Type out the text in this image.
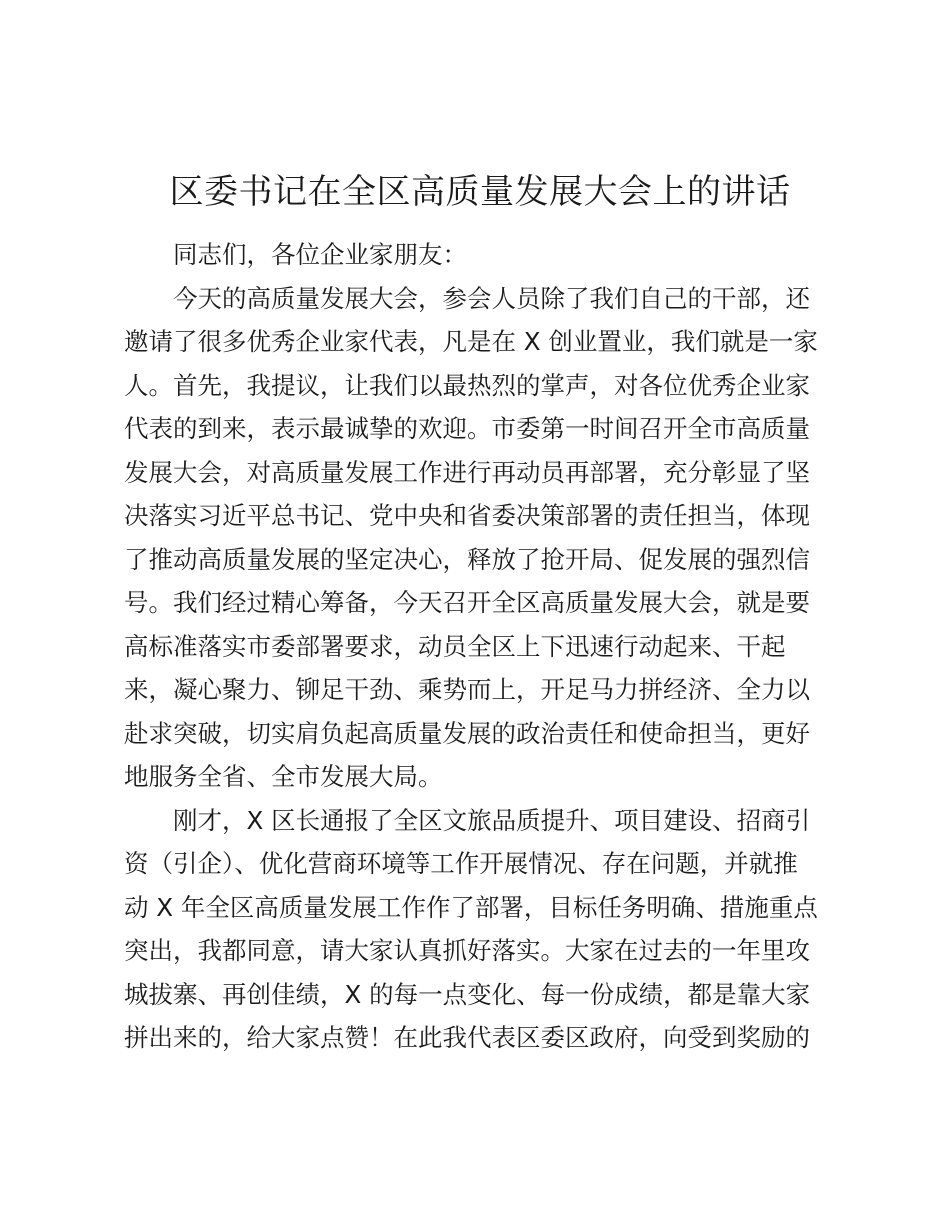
区委书记在全区高质量发展大会上的讲话

同志们，各位企业家朋友：

今天的高质量发展大会，参会人员除了我们自己的干部，还
邀请了很多优秀企业家代表，凡是在 X 创业置业，我们就是一家
人。首先，我提议，让我们以最热烈的掌声，对各位优秀企业家
代表的到来，表示最诚挚的欢迎。市委第一时间召开全市高质量
发展大会，对高质量发展工作进行再动员再部署，充分彰显了坚
决落实习近平总书记、党中央和省委决策部署的责任担当，体现
了推动高质量发展的坚定决心，释放了抢开局、促发展的强烈信
号。我们经过精心筹备，今天召开全区高质量发展大会，就是要
高标准落实市委部署要求，动员全区上下迅速行动起来、干起
来，凝心聚力、铆足干劲、乘势而上，开足马力拼经济、全力以
赴求突破，切实肩负起高质量发展的政治责任和使命担当，更好
地服务全省、全市发展大局。

刚才，X 区长通报了全区文旅品质提升、项目建设、招商引
资（引企）、优化营商环境等工作开展情况、存在问题，并就推
动 X 年全区高质量发展工作作了部署，目标任务明确、措施重点
突出，我都同意，请大家认真抓好落实。大家在过去的一年里攻
城拔寨、再创佳绩，X 的每一点变化、每一份成绩，都是靠大家
拼出来的，给大家点赞！在此我代表区委区政府，向受到奖励的
